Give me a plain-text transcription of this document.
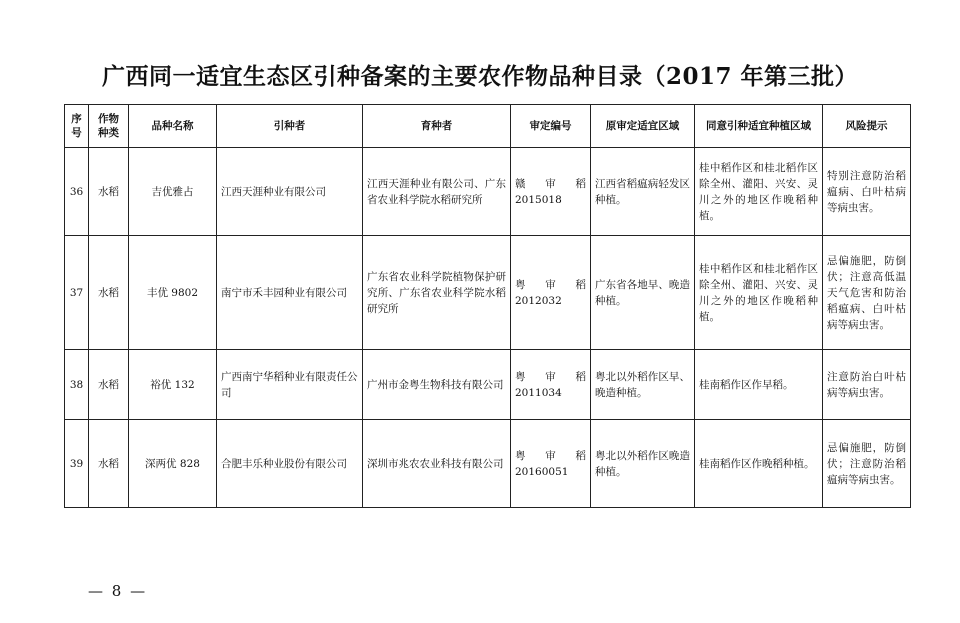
广西同一适宜生态区引种备案的主要农作物品种目录（2017 年第三批）
序号	作物种类	品种名称	引种者	育种者	审定编号	原审定适宜区域	同意引种适宜种植区域	风险提示
36	水稻	吉优雅占	江西天涯种业有限公司	江西天涯种业有限公司、广东省农业科学院水稻研究所	赣审稻 2015018	江西省稻瘟病轻发区种植。	桂中稻作区和桂北稻作区除全州、灌阳、兴安、灵川之外的地区作晚稻种植。	特别注意防治稻瘟病、白叶枯病等病虫害。
37	水稻	丰优 9802	南宁市禾丰园种业有限公司	广东省农业科学院植物保护研究所、广东省农业科学院水稻研究所	粤审稻 2012032	广东省各地早、晚造种植。	桂中稻作区和桂北稻作区除全州、灌阳、兴安、灵川之外的地区作晚稻种植。	忌偏施肥，防倒伏；注意高低温天气危害和防治稻瘟病、白叶枯病等病虫害。
38	水稻	裕优 132	广西南宁华稻种业有限责任公司	广州市金粤生物科技有限公司	粤审稻 2011034	粤北以外稻作区早、晚造种植。	桂南稻作区作早稻。	注意防治白叶枯病等病虫害。
39	水稻	深两优 828	合肥丰乐种业股份有限公司	深圳市兆农农业科技有限公司	粤审稻 20160051	粤北以外稻作区晚造种植。	桂南稻作区作晚稻种植。	忌偏施肥，防倒伏；注意防治稻瘟病等病虫害。
— 8 —
